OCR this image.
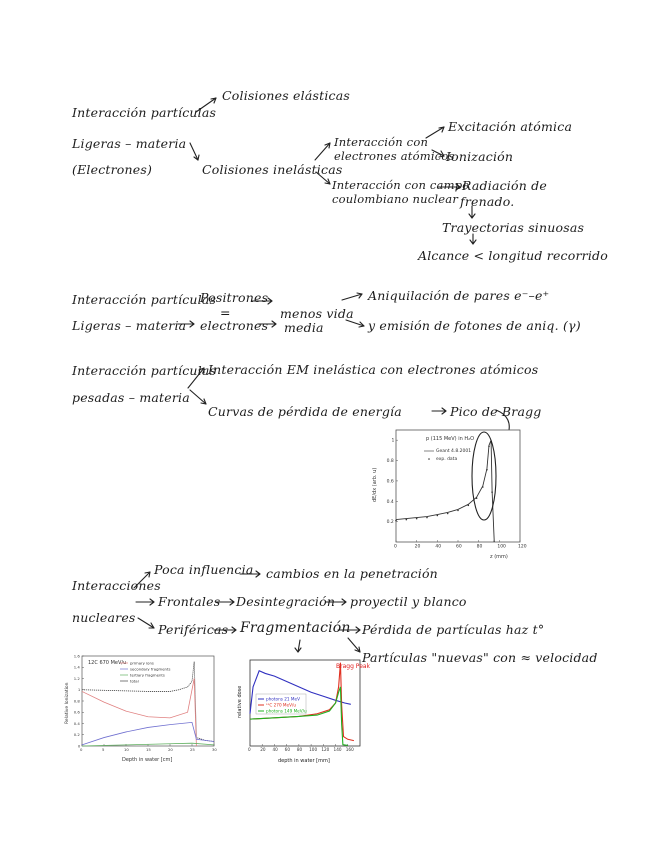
Interacción partículas
Ligeras – materia
(Electrones)
Colisiones elásticas
Colisiones inelásticas
Interacción con
electrones atómicos
Excitación atómica
Ionización
Interacción con campo
coulombiano nuclear
Radiación de
frenado.
Trayectorias sinuosas
Alcance < longitud recorrido
Interacción partículas
Ligeras – materia
Positrones
=
electrones
menos vida
media
Aniquilación de pares e⁻–e⁺
y emisión de fotones de aniq. (γ)
Interacción partículas
pesadas – materia
Interacción EM inelástica con electrones atómicos
Curvas de pérdida de energía	Pico de Bragg
0	20	40	60	80	100	120
0.2
0.4
0.6
0.8
1	p (115 MeV) in H₂O
Geant 4.8.2001
exp. data
z (mm)
dE/dx (arb. u)
Interacciones
nucleares
Poca influencia cambios en la penetración
Frontales Desintegración proyectil y blanco
Periféricas Fragmentación Pérdida de partículas haz t°
Partículas "nuevas" con ≈ velocidad
0	5	10	15	20	25	30
0
0.2
0.4
0.6
0.8
1
1.2
1.4
1.6
12C 670 MeV/u primary ions
secondary fragments
tertiary fragments
total
Depth in water [cm]
Relative Ionization
0 20 40 60 80 100 120 140 160
Bragg Peak
photons 21 MeV
¹²C 270 MeV/u
photons 149 MeV/u
depth in water [mm]
relative dose
